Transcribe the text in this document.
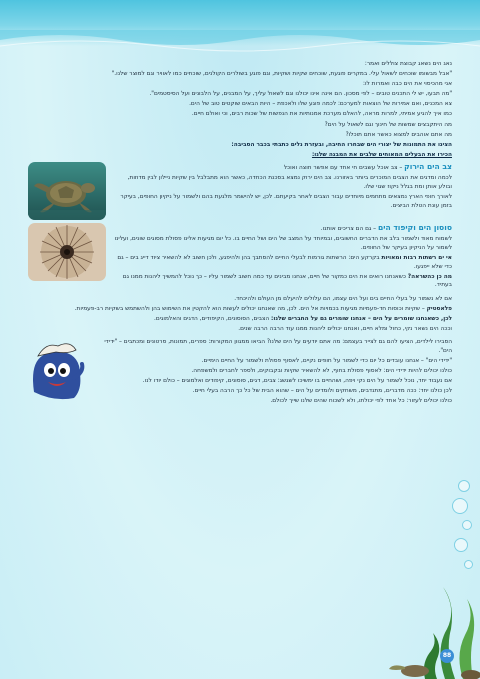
נאג הים נשאג קבוצת צוללים ואמר:

"אבל מבשומו שוכחים לשאול עלי. במקרים פוגעת, שוכחים שקיות ושקיות, וגם פוגע בשולרים הקולנים, שוכחים כמו לאוויר וגם למוצר שלנו."

אני מהכיסוי את הים כבה ואמרות לו:

"מה תבעו, יש לי התכנים טובים – לפי מסכון. הם אינה אינו יכולנו וגם לשאול עליך, על המבנים, על הלבונים ועל הסיסטמים".

צא המכנים, ואם אמירות של הוצאות למערכם: לכמה פוגע שלו ולאכפת – היות הבאים שוקטים טוב של הים.

כמו איך להגיע אמיתי, למרות מראה, להאלם מערכת אמנותיות את הנפשות של שכות רבים, וכי ואולם חיים.

מה היתקבצים שמשות של חינוך וגם לשאול על הים?

מה אתם אוהבים למצוא כאשר אתם תוכלו?

הציגו את התמונות של יצורי הים שבחרו החיבה, ובעזרת נלים כתבתי בכבר הסביבה:

הכירו את הבעלים המאוחים שלבים את המבנה שלנו:

צב הים הירוק – צב אוכל עשבים חי אחד עם אפשר חוצה ואוכל

לכמה ומדגים את הצבים המוכרים ביותר באזורנו. צב הים ירוק נמצא בסכנת הכחדה, כאשר הוא מתבלבל בין שקיות ניילון לבין מדוזות, ובולע אותן ומת בגלל ניקוז שגוי שלו.

לאורך חופי הארץ נמצאים מתחמים מיוחדים עבור הצבים לאחר בקיעתם. לכן, יש להישמר מלגעת בהם ולשמור על ניקיון החופים, בעיקר בזמן עונת הטלת הביצים.

סוסון הים וקיפוד הים – גם הם צריכים אותנו.

לשמוח מאוד ולשמור בלב את הדברים החשובים, ובמיוחד על המצב של הים ושל החיים בו. כל יום מגיעות אלינו פסולת מסוגים שונים, ועלינו לשמור על הניקיון בעיקר של החופים.

אי ים רשתות רבות ומאויות בקרקע הים: הרשתות גורמות לבעלי החיים להסתבך בהן ולהיפגע, ולכן חשוב לא להשאיר ציוד דייג בים – גם כדי שלא ייפגעו.

מה כן כהשראה? כשאנחנו רואים את הים כמקור של חיים, אנחנו מבינים עד כמה חשוב לשמור עליו – כך נוכל להמשיך ליהנות ממנו גם בעתיד.

אם לא נשמור על בעלי החיים בים ועל הים עצמו, הם עלולים להיעלם מן העולם ולהיכחד.

פלאסטיק – שקיות וכוסות חד-פעמיות מגיעות בכמויות אל הים. לכן, מה שאנחנו יכולים לעשות הוא להקטין את השימוש בהן ולהשתמש בשקיות רב-פעמיות.

לכן, כשאנחנו שומרים על הים – אנחנו שומרים גם על החברים שלנו: הצבים, הסוסונים, הקיפודים, הדגים והאלמוגים.

וככה הים נשאר נקי, כחול ומלא חיים, ואנחנו יכולים ליהנות ממנו עוד הרבה הרבה שנים.

הסבירו לילדים, הציעו להם גם לצייר בעצמם: מה אתם יודעים על הים שלנו? הביאו ממגוון המקורות: ספרים, תמונות, סרטונים ומכתבים – "ידידי הים".

"ידידי הים" – אנחנו עובדים כל יום כדי לשמור על חופים נקיים, לאסוף פסולת ולשמור על החיים הימיים.

כולנו יכולים להיות ידידי הים: לאסוף פסולת בחוף, לא להשאיר שקיות ובקבוקים, ולספר לחברים ולמשפחה.

אם נעבוד יחד, נוכל לשמור על הים נקי ויפה, ושהחיים בו ימשיכו לשגשג: צבים, דגים, סוסונים, קיפודים ואלמוגים – כולם יודו לנו.

לכן כולנו יחד: ככה מדברים, מתנדבים, משחקים ולומדים על הים – שהוא הבית של כל כך הרבה בעלי חיים.

כולנו יכולים לעזור: כל אחד לפי יכולתו, ולא לשכוח שהים שלנו שייך לכולם.

88
